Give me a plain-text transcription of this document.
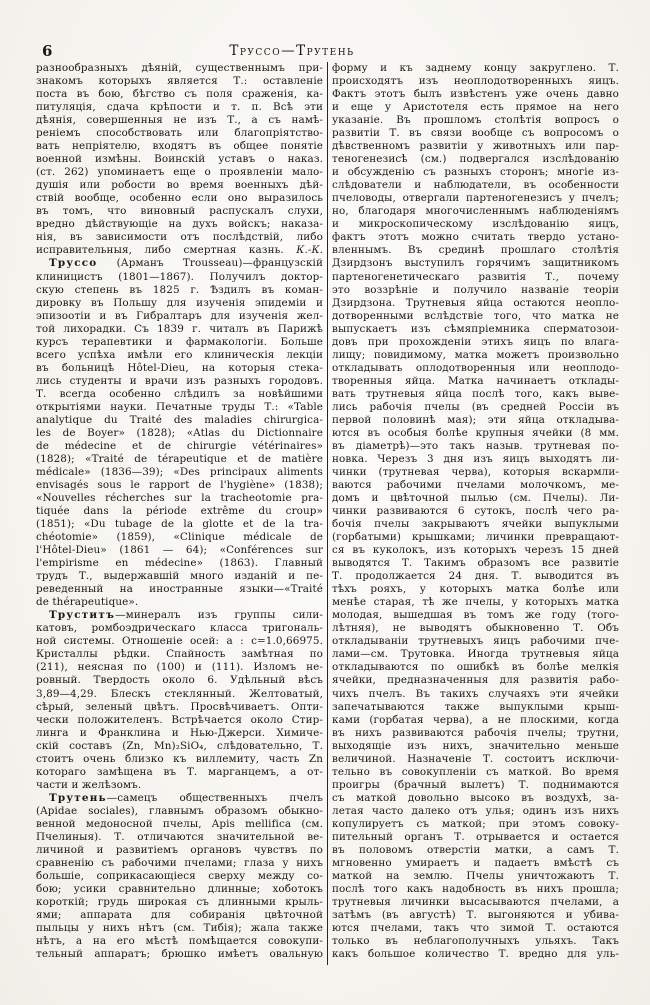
6	Труссо—Трутень
разнообразныхъ дѣяній, существеннымъ при-
знакомъ которыхъ является Т.: оставленіе
поста въ бою, бѣгство съ поля сраженія, ка-
питуляція, сдача крѣпости и т. п. Всѣ эти
дѣянія, совершенныя не изъ Т., а съ намѣ-
реніемъ способствовать или благопріятство-
вать непріятелю, входятъ въ общее понятіе
военной измѣны. Воинскій уставъ о наказ.
(ст. 262) упоминаетъ еще о проявленіи мало-
душія или робости во время военныхъ дѣй-
ствій вообще, особенно если оно выразилось
въ томъ, что виновный распускалъ слухи,
вредно дѣйствующіе на духъ войскъ; наказа-
нія, въ зависимости отъ послѣдствій, либо
исправительныя, либо смертная казнь. К.-К.
Труссо (Арманъ Trousseau)—французскій
клиницистъ (1801—1867). Получилъ доктор-
скую степень въ 1825 г. Ѣздилъ въ коман-
дировку въ Польшу для изученія эпидеміи и
эпизоотіи и въ Гибралтаръ для изученія жел-
той лихорадки. Съ 1839 г. читалъ въ Парижѣ
курсъ терапевтики и фармакологіи. Больше
всего успѣха имѣли его клиническія лекціи
въ больницѣ Hôtel-Dieu, на которыя стека-
лись студенты и врачи изъ разныхъ городовъ.
Т. всегда особенно слѣдилъ за новѣйшими
открытіями науки. Печатные труды Т.: «Table
analytique du Traité des maladies chirurgica-
les de Boyer» (1828); «Atlas du Dictionnaire
de médecine et de chirurgie vétérinaires»
(1828); «Traité de térapeutique et de matière
médicale» (1836—39); «Des principaux aliments
envisagés sous le rapport de l'hygiène» (1838);
«Nouvelles récherches sur la tracheotomie pra-
tiquée dans la période extrême du croup»
(1851); «Du tubage de la glotte et de la tra-
chéotomie» (1859), «Clinique médicale de
l'Hôtel-Dieu» (1861 — 64); «Conférences sur
l'empirisme en médecine» (1863). Главный
трудъ Т., выдержавшій много изданій и пе-
реведенный на иностранные языки—«Traité
de thérapeutique».
Труститъ—минералъ изъ группы сили-
катовъ, ромбоэдрическаго класса тригональ-
ной системы. Отношеніе осей: a : c=1.0,66975.
Кристаллы рѣдки. Спайность замѣтная по
(211), неясная по (100) и (111). Изломъ не-
ровный. Твердость около 6. Удѣльный вѣсъ
3,89—4,29. Блескъ стеклянный. Желтоватый,
сѣрый, зеленый цвѣтъ. Просвѣчиваетъ. Опти-
чески положителенъ. Встрѣчается около Стир-
линга и Франклина и Нью-Джерси. Химиче-
скій составъ (Zn, Mn)₂SiO₄, слѣдовательно, Т.
стоитъ очень близко къ виллемиту, часть Zn
котораго замѣщена въ Т. марганцемъ, а от-
части и желѣзомъ.
Трутень—самецъ общественныхъ пчелъ
(Apidae sociales), главнымъ образомъ обыкно-
венной медоносной пчелы, Apis mellifica (см.
Пчелиныя). Т. отличаются значительной ве-
личиной и развитіемъ органовъ чувствъ по
сравненію съ рабочими пчелами; глаза у нихъ
большіе, соприкасающіеся сверху между со-
бою; усики сравнительно длинные; хоботокъ
короткій; грудь широкая съ длинными крыль-
ями; аппарата для собиранія цвѣточной
пыльцы у нихъ нѣтъ (см. Тибія); жала также
нѣтъ, а на его мѣстѣ помѣщается совокупи-
тельный аппаратъ; брюшко имѣетъ овальную
форму и къ заднему концу закруглено. Т.
происходятъ изъ неоплодотворенныхъ яицъ.
Фактъ этотъ былъ извѣстенъ уже очень давно
и еще у Аристотеля есть прямое на него
указаніе. Въ прошломъ столѣтія вопросъ о
развитіи Т. въ связи вообще съ вопросомъ о
дѣвственномъ развитіи у животныхъ или пар-
теногенезисѣ (см.) подвергался изслѣдованію
и обсужденію съ разныхъ сторонъ; многіе из-
слѣдователи и наблюдатели, въ особенности
пчеловоды, отвергали партеногенезисъ у пчелъ;
но, благодаря многочисленнымъ наблюденіямъ
и микроскопическому изслѣдованію яицъ,
фактъ этотъ можно считать твердо устано-
вленнымъ. Въ срединѣ прошлаго столѣтія
Дзирдзонъ выступилъ горячимъ защитникомъ
партеногенетическаго развитія Т., почему
это воззрѣніе и получило названіе теоріи
Дзирдзона. Трутневыя яйца остаются неопло-
дотворенными вслѣдствіе того, что матка не
выпускаетъ изъ сѣмяпріемника сперматозои-
довъ при прохожденіи этихъ яицъ по влага-
лищу; повидимому, матка можетъ произвольно
откладывать оплодотворенныя или неоплодо-
творенныя яйца. Матка начинаетъ отклады-
вать трутневыя яйца послѣ того, какъ выве-
лись рабочія пчелы (въ средней Россіи въ
первой половинѣ мая); эти яйца откладыва-
ются въ особыя болѣе крупныя ячейки (8 мм.
въ діаметрѣ)—это такъ назыв. трутневая по-
новка. Черезъ 3 дня изъ яицъ выходятъ ли-
чинки (трутневая черва), которыя вскармли-
ваются рабочими пчелами молочкомъ, ме-
домъ и цвѣточной пылью (см. Пчелы). Ли-
чинки развиваются 6 сутокъ, послѣ чего ра-
бочія пчелы закрываютъ ячейки выпуклыми
(горбатыми) крышками; личинки превращают-
ся въ куколокъ, изъ которыхъ черезъ 15 дней
выводятся Т. Такимъ образомъ все развитіе
Т. продолжается 24 дня. Т. выводится въ
тѣхъ рояхъ, у которыхъ матка болѣе или
менѣе старая, тѣ же пчелы, у которыхъ матка
молодая, вышедшая въ томъ же году (того-
лѣтняя), не выводятъ обыкновенно Т. Объ
откладываніи трутневыхъ яицъ рабочими пче-
лами—см. Трутовка. Иногда трутневыя яйца
откладываются по ошибкѣ въ болѣе мелкія
ячейки, предназначенныя для развитія рабо-
чихъ пчелъ. Въ такихъ случаяхъ эти ячейки
запечатываются также выпуклыми крыш-
ками (горбатая черва), а не плоскими, когда
въ нихъ развиваются рабочія пчелы; трутни,
выходящіе изъ нихъ, значительно меньше
величиной. Назначеніе Т. состоитъ исключи-
тельно въ совокупленіи съ маткой. Во время
проигры (брачный вылетъ) Т. поднимаются
съ маткой довольно высоко въ воздухѣ, за-
летая часто далеко отъ улья; одинъ изъ нихъ
копулируетъ съ маткой; при этомъ совоку-
пительный органъ Т. отрывается и остается
въ половомъ отверстіи матки, а самъ Т.
мгновенно умираетъ и падаетъ вмѣстѣ съ
маткой на землю. Пчелы уничтожаютъ Т.
послѣ того какъ надобность въ нихъ прошла;
трутневыя личинки высасываются пчелами, а
затѣмъ (въ августѣ) Т. выгоняются и убива-
ются пчелами, такъ что зимой Т. остаются
только въ неблагополучныхъ ульяхъ. Такъ
какъ большое количество Т. вредно для уль-
